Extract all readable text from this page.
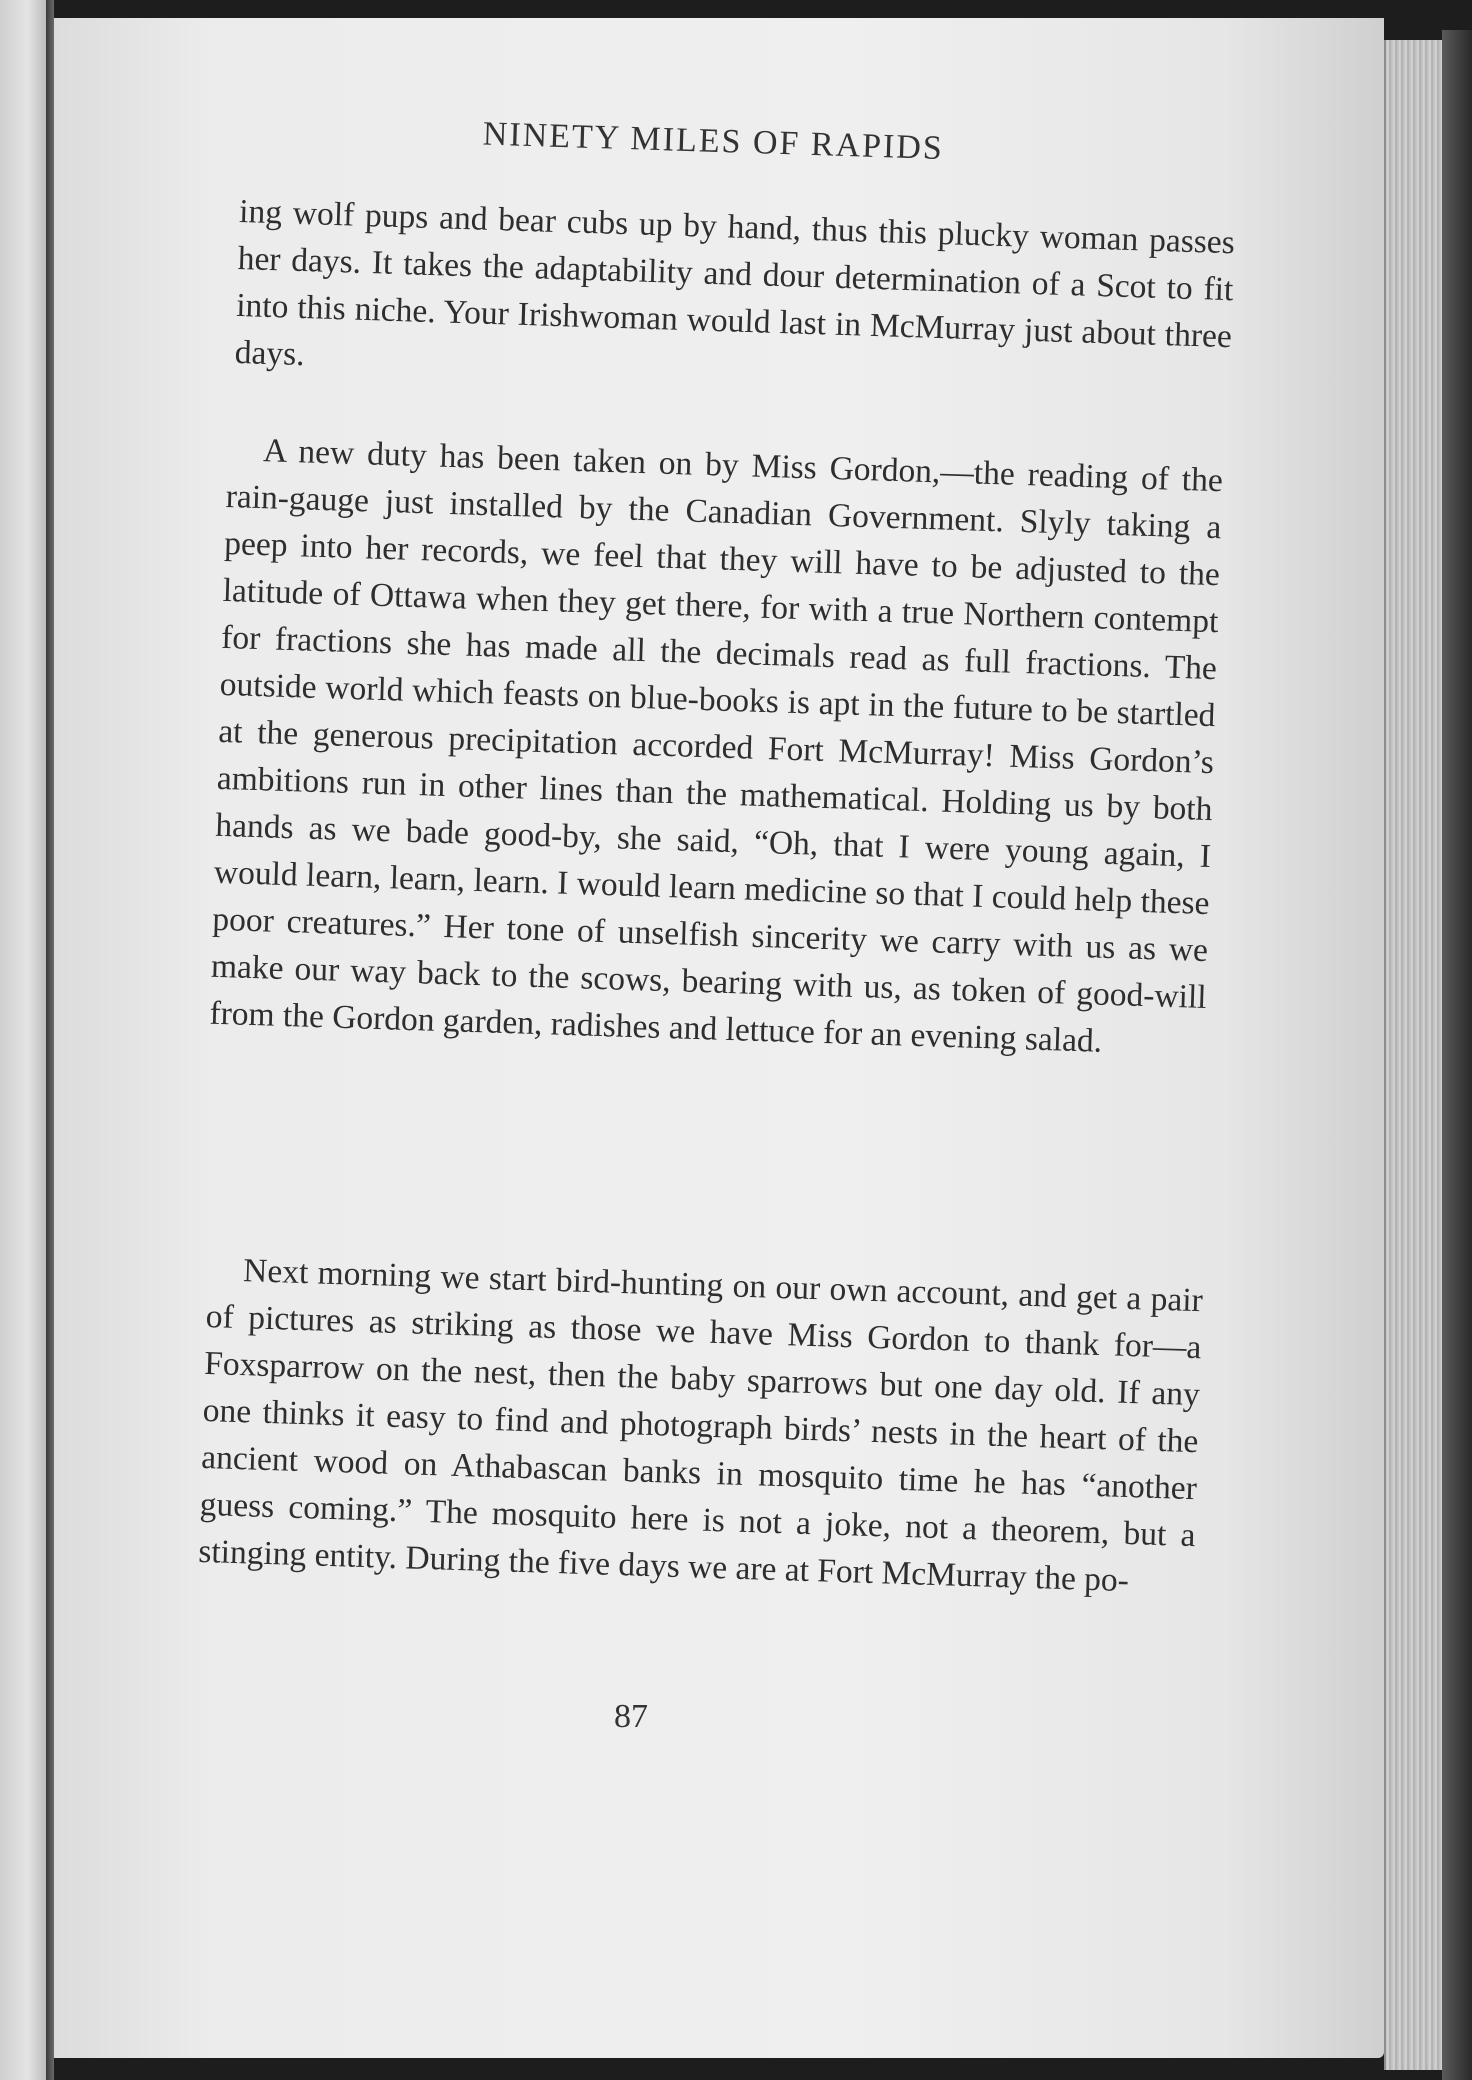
NINETY MILES OF RAPIDS

ing wolf pups and bear cubs up by hand, thus this plucky woman passes her days. It takes the adaptability and dour determination of a Scot to fit into this niche. Your Irishwoman would last in McMurray just about three days.

A new duty has been taken on by Miss Gordon,—the reading of the rain-gauge just installed by the Canadian Government. Slyly taking a peep into her records, we feel that they will have to be adjusted to the latitude of Ottawa when they get there, for with a true Northern contempt for fractions she has made all the decimals read as full fractions. The outside world which feasts on blue-books is apt in the future to be startled at the generous precipitation accorded Fort McMurray! Miss Gordon’s ambitions run in other lines than the mathematical. Holding us by both hands as we bade good-by, she said, “Oh, that I were young again, I would learn, learn, learn. I would learn medicine so that I could help these poor creatures.” Her tone of unselfish sincerity we carry with us as we make our way back to the scows, bearing with us, as token of good-will from the Gordon garden, radishes and lettuce for an evening salad.

Next morning we start bird-hunting on our own account, and get a pair of pictures as striking as those we have Miss Gordon to thank for—a Foxsparrow on the nest, then the baby sparrows but one day old. If any one thinks it easy to find and photograph birds’ nests in the heart of the ancient wood on Athabascan banks in mosquito time he has “another guess coming.” The mosquito here is not a joke, not a theorem, but a stinging entity. During the five days we are at Fort McMurray the po-

87
